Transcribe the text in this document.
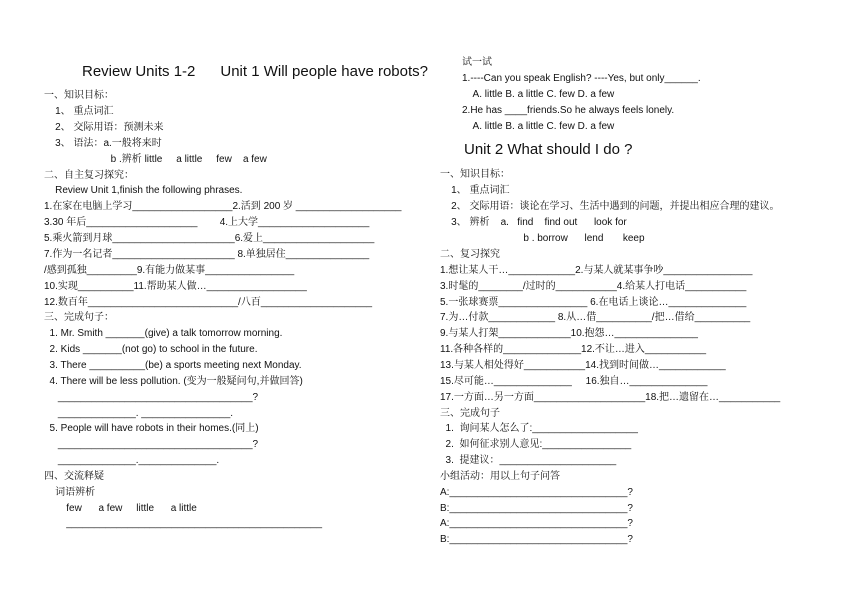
Review Units 1-2      Unit 1 Will people have robots?
一、知识目标：
1、 重点词汇
2、 交际用语：预测未来
3、 语法：a.一般将来时
b .辨析 little     a little     few    a few
二、自主复习探究：
Review Unit 1,finish the following phrases.
1.在家在电脑上学习__________________2.活到 200 岁 ___________________
3.30 年后____________________        4.上大学____________________
5.乘火箭到月球______________________6.爱上____________________
7.作为一名记者______________________ 8.单独居住_______________
/感到孤独_________9.有能力做某事________________
10.实现__________11.帮助某人做…__________________
12.数百年___________________________/八百____________________
三、完成句子：
1. Mr. Smith _______(give) a talk tomorrow morning.
2. Kids _______(not go) to school in the future.
3. There __________(be) a sports meeting next Monday.
4. There will be less pollution. (变为一般疑问句,并做回答)
___________________________________?
______________. ________________.
5. People will have robots in their homes.(同上)
___________________________________?
______________.______________.
四、交流释疑
词语辨析
few      a few     little      a little
______________________________________________
试一试
1.----Can you speak English? ----Yes, but only______.
A. little B. a little C. few D. a few
2.He has ____friends.So he always feels lonely.
A. little B. a little C. few D. a few
Unit 2 What should I do ?
一、知识目标：
1、 重点词汇
2、 交际用语：谈论在学习、生活中遇到的问题，并提出相应合理的建议。
3、 辨析    a.   find    find out      look for
b . borrow      lend       keep
二、复习探究
1.想让某人干…____________2.与某人就某事争吵________________
3.时髦的________/过时的___________4.给某人打电话___________
5.一张球赛票________________ 6.在电话上谈论…______________
7.为…付款____________ 8.从…借__________/把…借给__________
9.与某人打架_____________10.抱怨…_______________
11.各种各样的______________12.不让…进入___________
13.与某人相处得好___________14.找到时间做…____________
15.尽可能…______________     16.独自…______________
17.一方面…另一方面____________________18.把…遗留在…___________
三、完成句子
1.  询问某人怎么了:___________________
2.  如何征求别人意见:________________
3.  提建议：_____________________
小组活动：用以上句子问答
A:________________________________?
B:________________________________?
A:________________________________?
B:________________________________?
